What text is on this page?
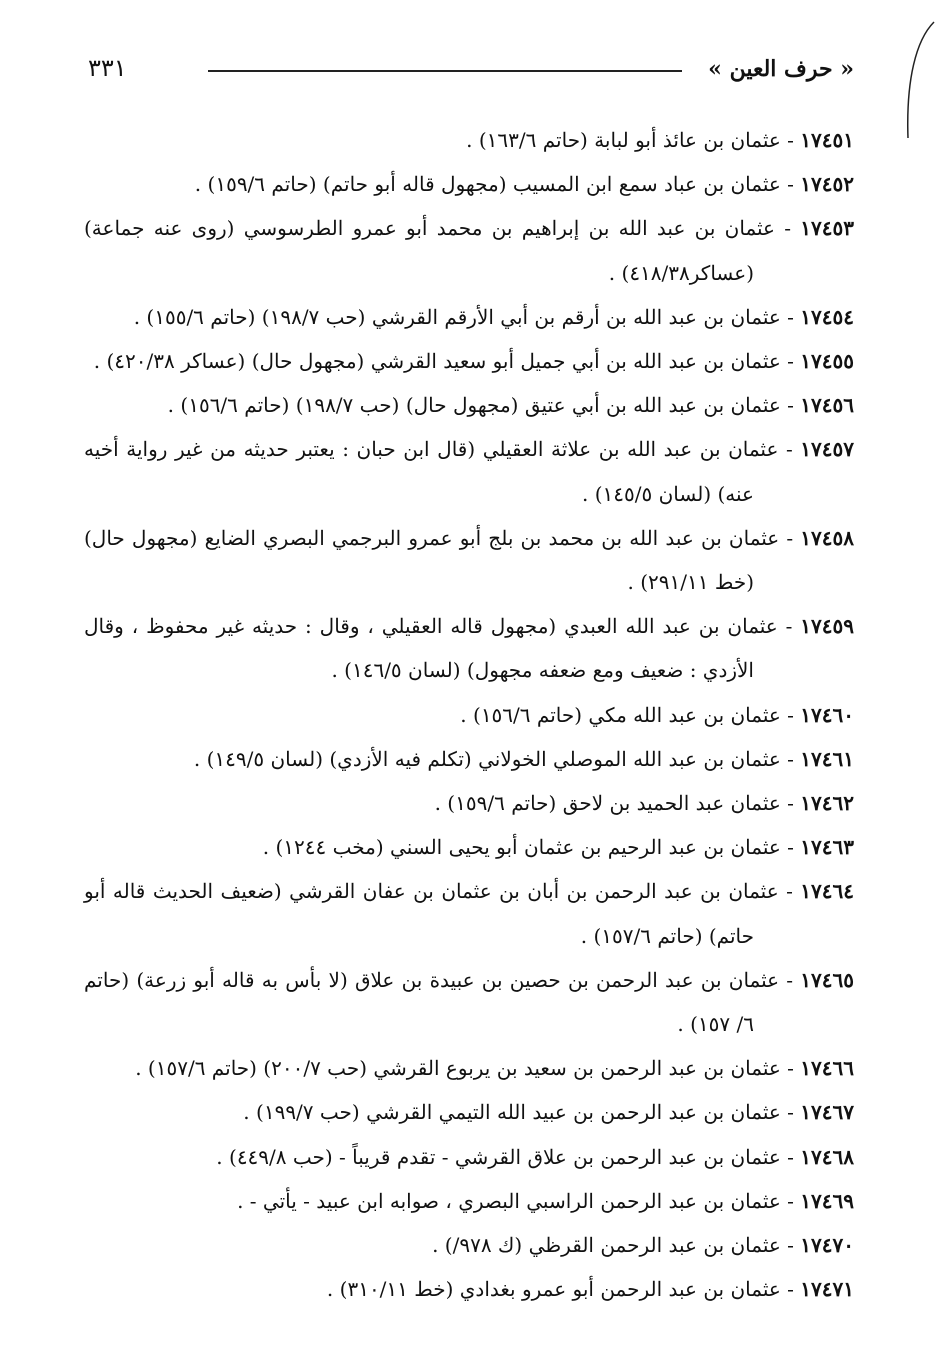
« حرف العين »
٣٣١
١٧٤٥١ - عثمان بن عائذ أبو لبابة (حاتم ١٦٣/٦) .
١٧٤٥٢ - عثمان بن عباد سمع ابن المسيب (مجهول قاله أبو حاتم) (حاتم ١٥٩/٦) .
١٧٤٥٣ - عثمان بن عبد الله بن إبراهيم بن محمد أبو عمرو الطرسوسي (روى عنه جماعة) (عساكر٤١٨/٣٨) .
١٧٤٥٤ - عثمان بن عبد الله بن أرقم بن أبي الأرقم القرشي (حب ١٩٨/٧) (حاتم ١٥٥/٦) .
١٧٤٥٥ - عثمان بن عبد الله بن أبي جميل أبو سعيد القرشي (مجهول حال) (عساكر ٤٢٠/٣٨) .
١٧٤٥٦ - عثمان بن عبد الله بن أبي عتيق (مجهول حال) (حب ١٩٨/٧) (حاتم ١٥٦/٦) .
١٧٤٥٧ - عثمان بن عبد الله بن علاثة العقيلي (قال ابن حبان : يعتبر حديثه من غير رواية أخيه عنه) (لسان ١٤٥/٥) .
١٧٤٥٨ - عثمان بن عبد الله بن محمد بن بلج أبو عمرو البرجمي البصري الضايع (مجهول حال) (خط ٢٩١/١١) .
١٧٤٥٩ - عثمان بن عبد الله العبدي (مجهول قاله العقيلي ، وقال : حديثه غير محفوظ ، وقال الأزدي : ضعيف ومع ضعفه مجهول) (لسان ١٤٦/٥) .
١٧٤٦٠ - عثمان بن عبد الله مكي (حاتم ١٥٦/٦) .
١٧٤٦١ - عثمان بن عبد الله الموصلي الخولاني (تكلم فيه الأزدي) (لسان ١٤٩/٥) .
١٧٤٦٢ - عثمان عبد الحميد بن لاحق (حاتم ١٥٩/٦) .
١٧٤٦٣ - عثمان بن عبد الرحيم بن عثمان أبو يحيى السني (مخب ١٢٤٤) .
١٧٤٦٤ - عثمان بن عبد الرحمن بن أبان بن عثمان بن عفان القرشي (ضعيف الحديث قاله أبو حاتم) (حاتم ١٥٧/٦) .
١٧٤٦٥ - عثمان بن عبد الرحمن بن حصين بن عبيدة بن علاق (لا بأس به قاله أبو زرعة) (حاتم ٦/ ١٥٧) .
١٧٤٦٦ - عثمان بن عبد الرحمن بن سعيد بن يربوع القرشي (حب ٢٠٠/٧) (حاتم ١٥٧/٦) .
١٧٤٦٧ - عثمان بن عبد الرحمن بن عبيد الله التيمي القرشي (حب ١٩٩/٧) .
١٧٤٦٨ - عثمان بن عبد الرحمن بن علاق القرشي - تقدم قريباً - (حب ٤٤٩/٨) .
١٧٤٦٩ - عثمان بن عبد الرحمن الراسبي البصري ، صوابه ابن عبيد - يأتي - .
١٧٤٧٠ - عثمان بن عبد الرحمن القرظي (ك ٩٧٨/) .
١٧٤٧١ - عثمان بن عبد الرحمن أبو عمرو بغدادي (خط ٣١٠/١١) .
